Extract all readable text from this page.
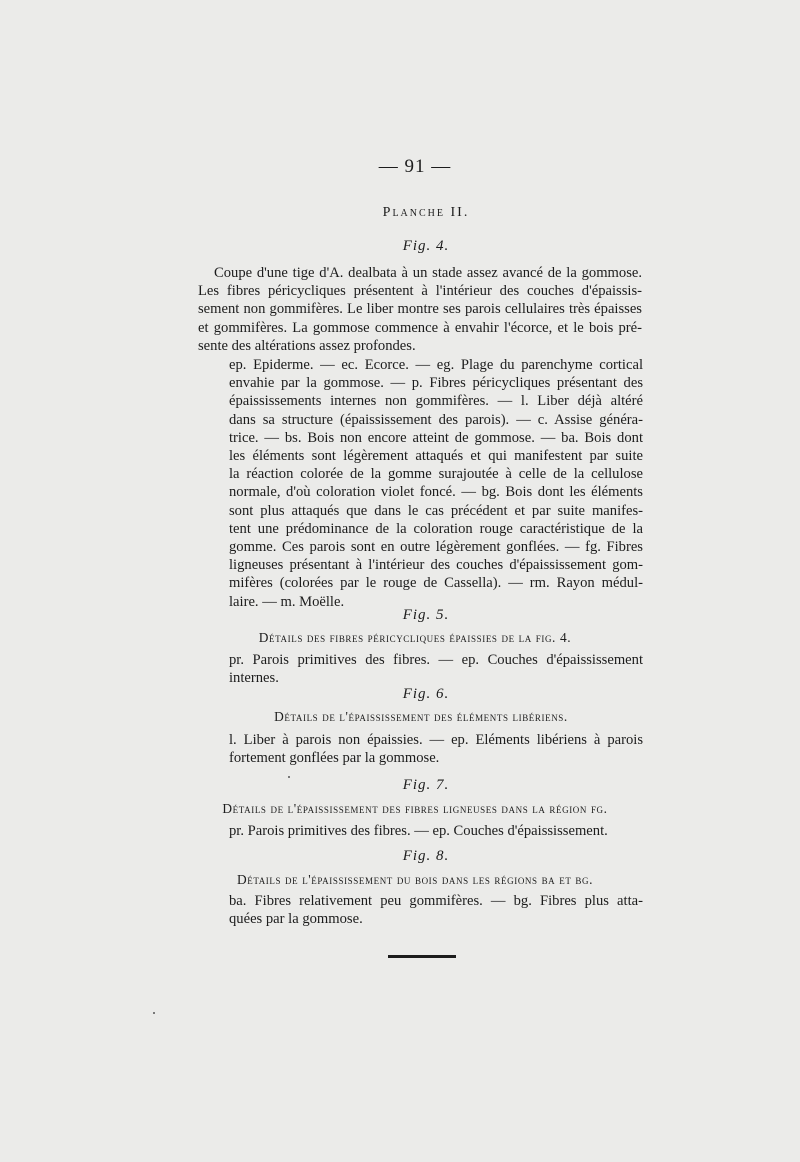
— 91 —
Planche II.
Fig. 4.
Coupe d'une tige d'A. dealbata à un stade assez avancé de la gommose.
Les fibres péricycliques présentent à l'intérieur des couches d'épaissis-
sement non gommifères. Le liber montre ses parois cellulaires très épaisses
et gommifères. La gommose commence à envahir l'écorce, et le bois pré-
sente des altérations assez profondes.
ep. Epiderme. — ec. Ecorce. — eg. Plage du parenchyme cortical
envahie par la gommose. — p. Fibres péricycliques présentant des
épaississements internes non gommifères. — l. Liber déjà altéré
dans sa structure (épaississement des parois). — c. Assise généra-
trice. — bs. Bois non encore atteint de gommose. — ba. Bois dont
les éléments sont légèrement attaqués et qui manifestent par suite
la réaction colorée de la gomme surajoutée à celle de la cellulose
normale, d'où coloration violet foncé. — bg. Bois dont les éléments
sont plus attaqués que dans le cas précédent et par suite manifes-
tent une prédominance de la coloration rouge caractéristique de la
gomme. Ces parois sont en outre légèrement gonflées. — fg. Fibres
ligneuses présentant à l'intérieur des couches d'épaississement gom-
mifères (colorées par le rouge de Cassella). — rm. Rayon médul-
laire. — m. Moëlle.
Fig. 5.
Détails des fibres péricycliques épaissies de la fig. 4.
pr. Parois primitives des fibres. — ep. Couches d'épaississement
internes.
Fig. 6.
Détails de l'épaississement des éléments libériens.
l. Liber à parois non épaissies. — ep. Eléments libériens à parois
fortement gonflées par la gommose.
Fig. 7.
Détails de l'épaississement des fibres ligneuses dans la région fg.
pr. Parois primitives des fibres. — ep. Couches d'épaississement.
Fig. 8.
Détails de l'épaississement du bois dans les régions ba et bg.
ba. Fibres relativement peu gommifères. — bg. Fibres plus atta-
quées par la gommose.
